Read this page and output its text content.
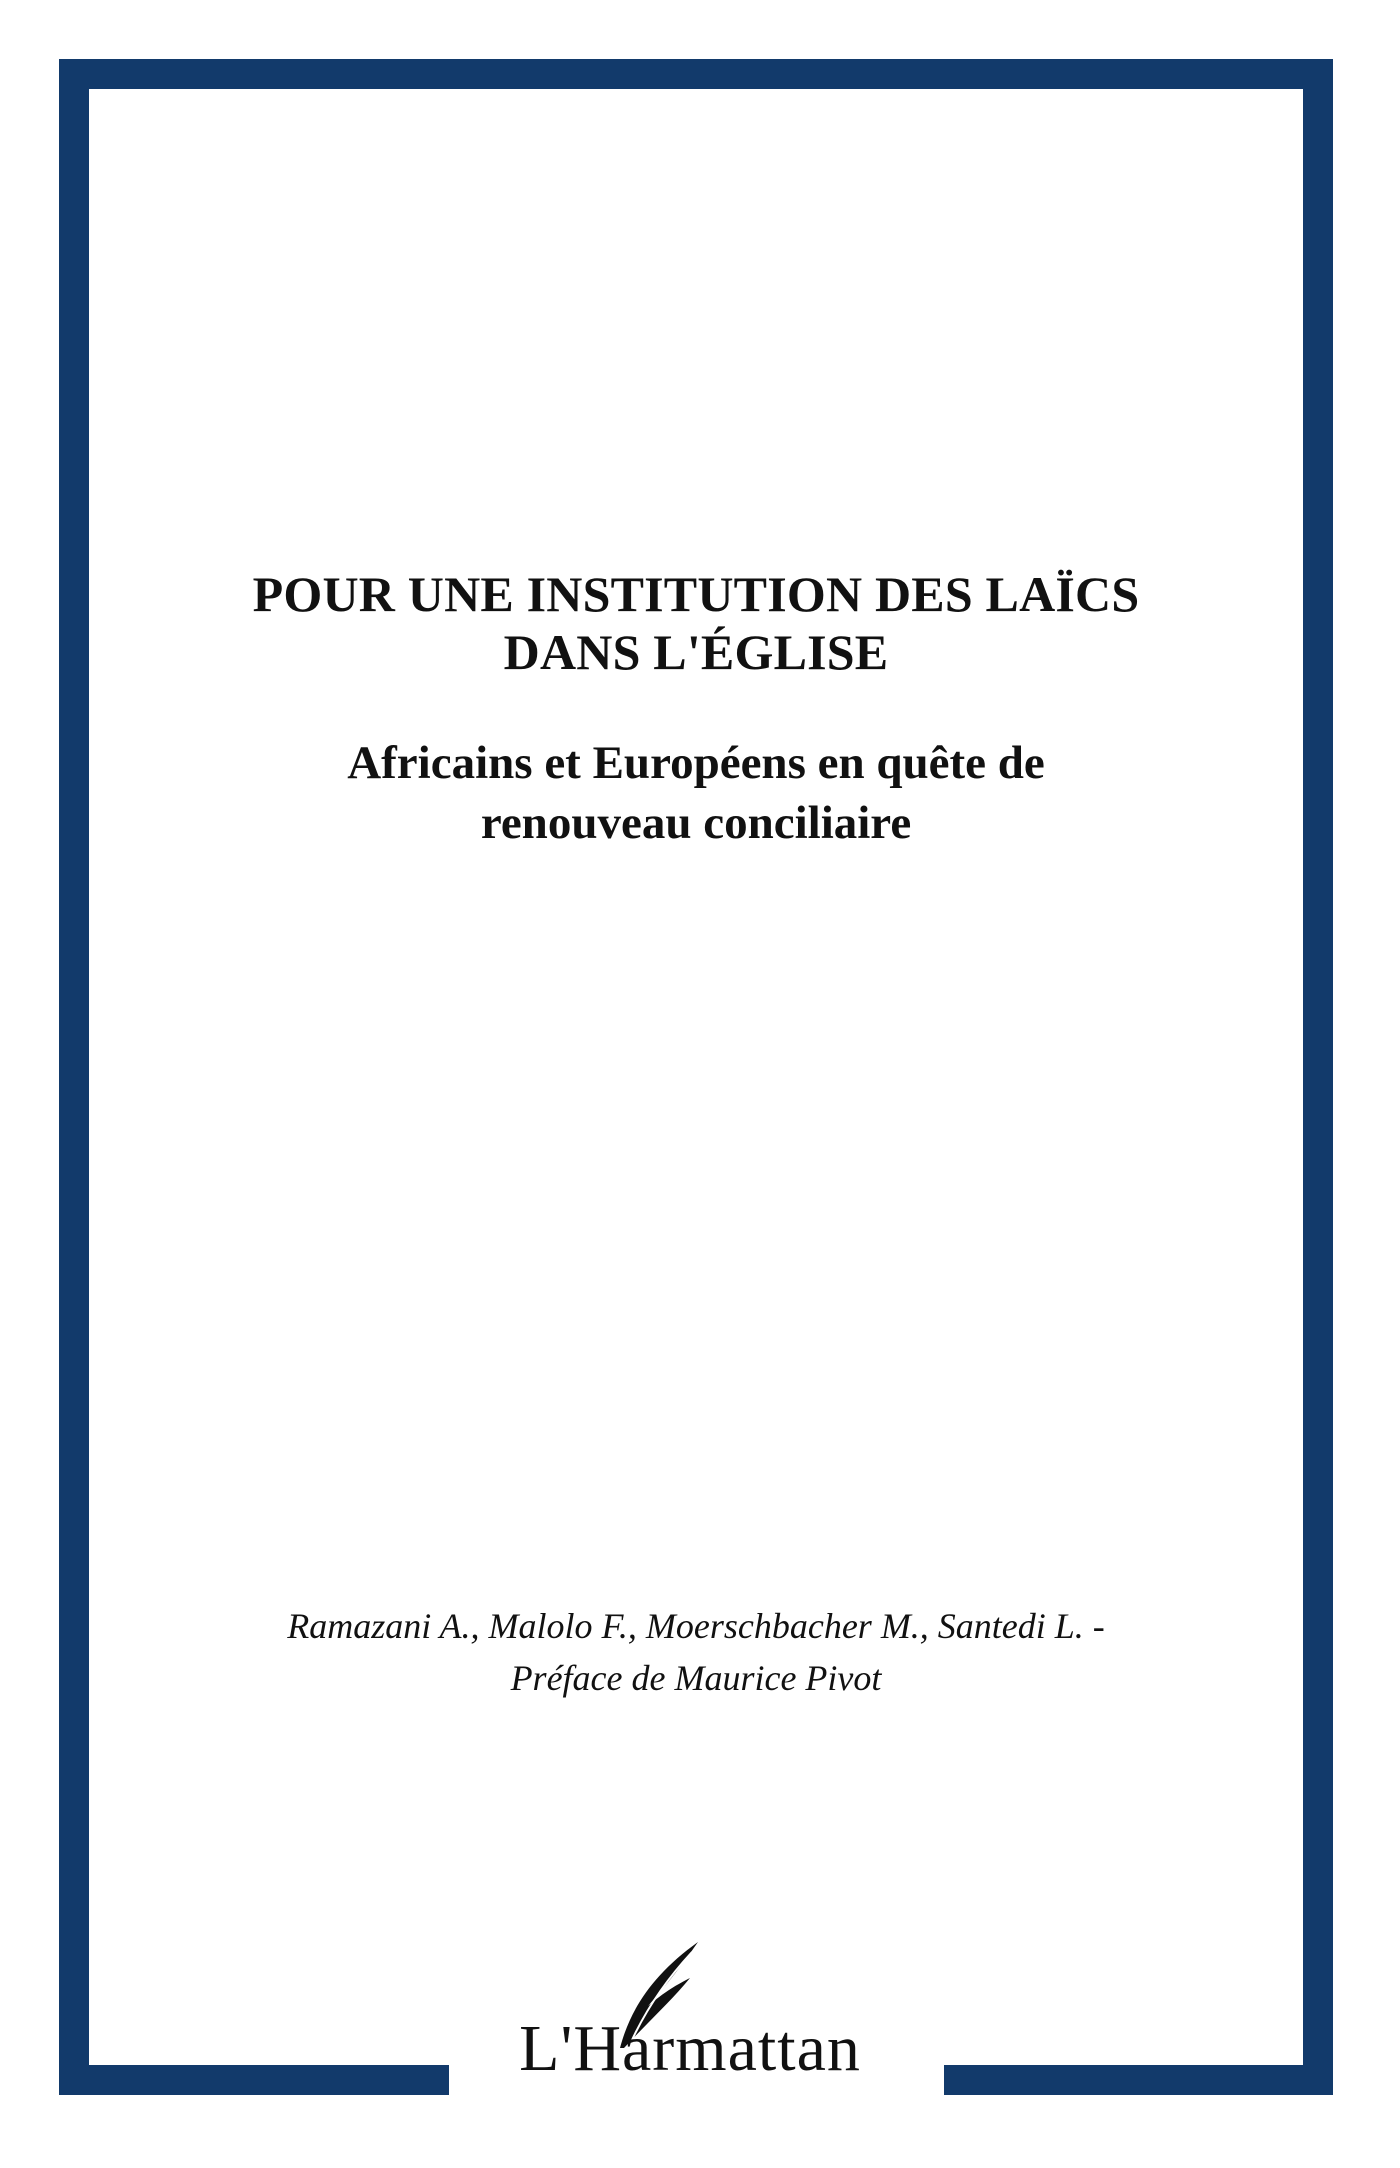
POUR UNE INSTITUTION DES LAÏCS
DANS L'ÉGLISE
Africains et Européens en quête de
renouveau conciliaire

Ramazani A., Malolo F., Moerschbacher M., Santedi L. -
Préface de Maurice Pivot

L'Harmattan
